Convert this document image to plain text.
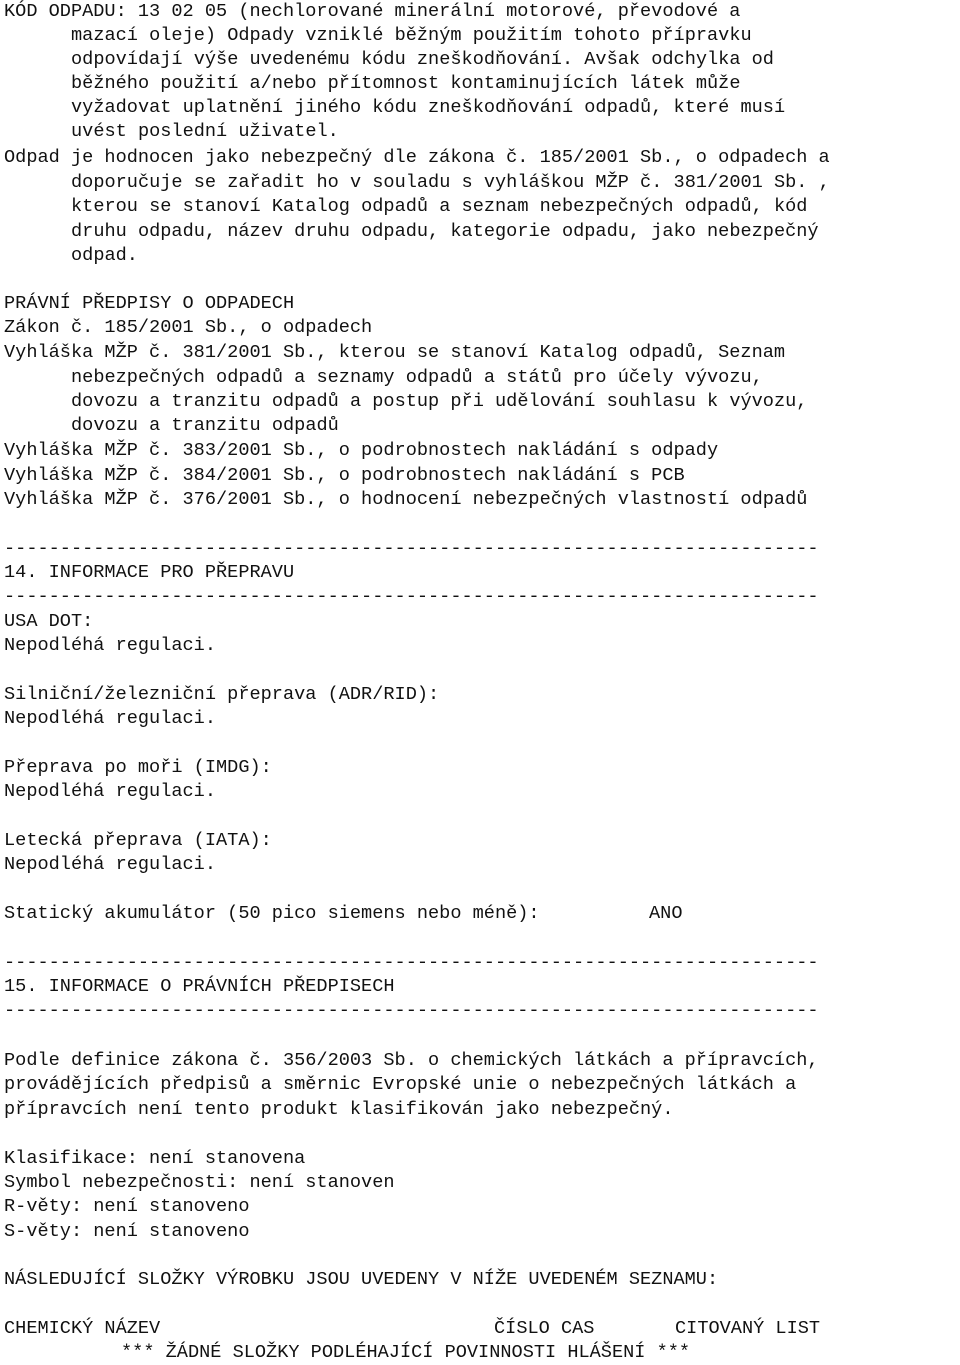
KÓD ODPADU: 13 02 05 (nechlorované minerální motorové, převodové a
mazací oleje) Odpady vzniklé běžným použitím tohoto přípravku
odpovídají výše uvedenému kódu zneškodňování. Avšak odchylka od
běžného použití a/nebo přítomnost kontaminujících látek může
vyžadovat uplatnění jiného kódu zneškodňování odpadů, které musí
uvést poslední uživatel.
Odpad je hodnocen jako nebezpečný dle zákona č. 185/2001 Sb., o odpadech a
doporučuje se zařadit ho v souladu s vyhláškou MŽP č. 381/2001 Sb. ,
kterou se stanoví Katalog odpadů a seznam nebezpečných odpadů, kód
druhu odpadu, název druhu odpadu, kategorie odpadu, jako nebezpečný
odpad.
PRÁVNÍ PŘEDPISY O ODPADECH
Zákon č. 185/2001 Sb., o odpadech
Vyhláška MŽP č. 381/2001 Sb., kterou se stanoví Katalog odpadů, Seznam
nebezpečných odpadů a seznamy odpadů a států pro účely vývozu,
dovozu a tranzitu odpadů a postup při udělování souhlasu k vývozu,
dovozu a tranzitu odpadů
Vyhláška MŽP č. 383/2001 Sb., o podrobnostech nakládání s odpady
Vyhláška MŽP č. 384/2001 Sb., o podrobnostech nakládání s PCB
Vyhláška MŽP č. 376/2001 Sb., o hodnocení nebezpečných vlastností odpadů
-------------------------------------------------------------------------
14. INFORMACE PRO PŘEPRAVU
-------------------------------------------------------------------------
USA DOT:
Nepodléhá regulaci.
Silniční/železniční přeprava (ADR/RID):
Nepodléhá regulaci.
Přeprava po moři (IMDG):
Nepodléhá regulaci.
Letecká přeprava (IATA):
Nepodléhá regulaci.
Statický akumulátor (50 pico siemens nebo méně):	ANO
-------------------------------------------------------------------------
15. INFORMACE O PRÁVNÍCH PŘEDPISECH
-------------------------------------------------------------------------
Podle definice zákona č. 356/2003 Sb. o chemických látkách a přípravcích,
provádějících předpisů a směrnic Evropské unie o nebezpečných látkách a
přípravcích není tento produkt klasifikován jako nebezpečný.
Klasifikace: není stanovena
Symbol nebezpečnosti: není stanoven
R-věty: není stanoveno
S-věty: není stanoveno
NÁSLEDUJÍCÍ SLOŽKY VÝROBKU JSOU UVEDENY V NÍŽE UVEDENÉM SEZNAMU:
CHEMICKÝ NÁZEV	ČÍSLO CAS	CITOVANÝ LIST
*** ŽÁDNÉ SLOŽKY PODLÉHAJÍCÍ POVINNOSTI HLÁŠENÍ ***
